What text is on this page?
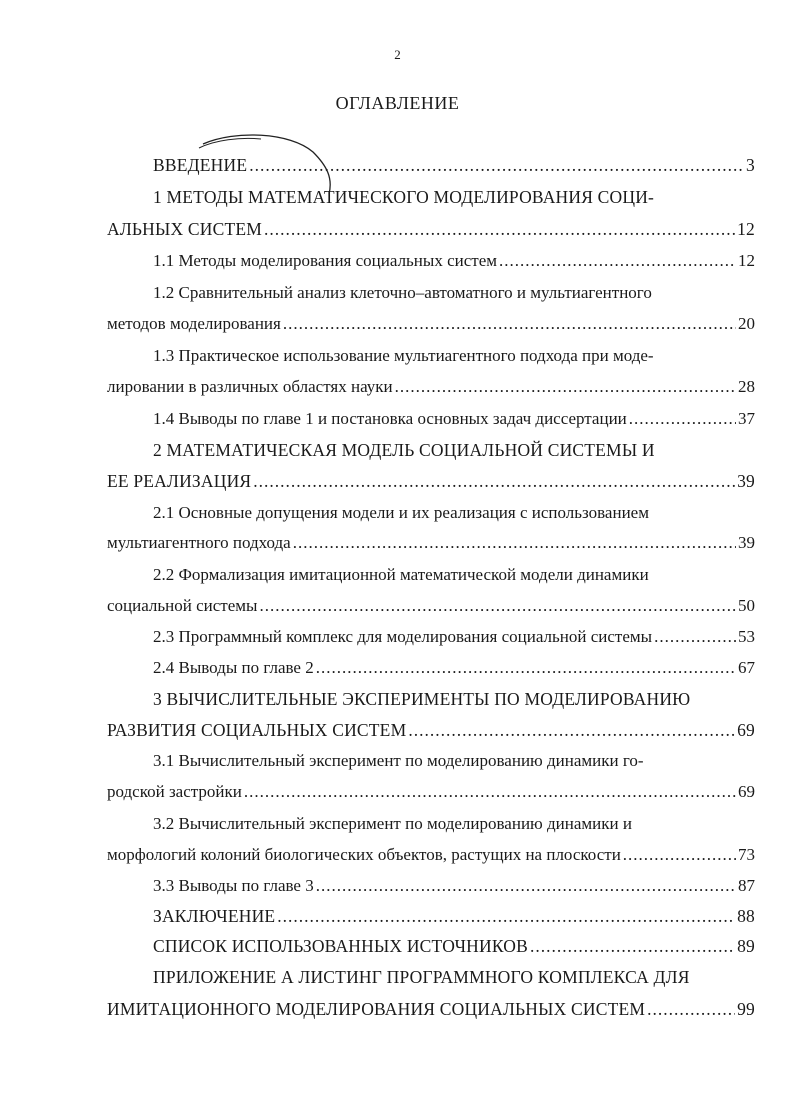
2
ОГЛАВЛЕНИЕ
ВВЕДЕНИЕ .....	3
1 МЕТОДЫ МАТЕМАТИЧЕСКОГО МОДЕЛИРОВАНИЯ СОЦИ-
АЛЬНЫХ СИСТЕМ .....	12
1.1 Методы моделирования социальных систем .....	12
1.2 Сравнительный анализ клеточно–автоматного и мультиагентного
методов моделирования .....	20
1.3 Практическое использование мультиагентного подхода при моде-
лировании в различных областях науки .....	28
1.4 Выводы по главе 1 и постановка основных задач диссертации .....	37
2 МАТЕМАТИЧЕСКАЯ МОДЕЛЬ СОЦИАЛЬНОЙ СИСТЕМЫ И
ЕЕ РЕАЛИЗАЦИЯ .....	39
2.1 Основные допущения модели и их реализация с использованием
мультиагентного подхода .....	39
2.2 Формализация имитационной математической модели динамики
социальной системы .....	50
2.3 Программный комплекс для моделирования социальной системы .....	53
2.4 Выводы по главе 2 .....	67
3 ВЫЧИСЛИТЕЛЬНЫЕ ЭКСПЕРИМЕНТЫ ПО МОДЕЛИРОВАНИЮ
РАЗВИТИЯ СОЦИАЛЬНЫХ СИСТЕМ .....	69
3.1 Вычислительный эксперимент по моделированию динамики го-
родской застройки .....	69
3.2 Вычислительный эксперимент по моделированию динамики и
морфологий колоний биологических объектов, растущих на плоскости .....	73
3.3 Выводы по главе 3 .....	87
ЗАКЛЮЧЕНИЕ .....	88
СПИСОК ИСПОЛЬЗОВАННЫХ ИСТОЧНИКОВ .....	89
ПРИЛОЖЕНИЕ А ЛИСТИНГ ПРОГРАММНОГО КОМПЛЕКСА ДЛЯ
ИМИТАЦИОННОГО МОДЕЛИРОВАНИЯ СОЦИАЛЬНЫХ СИСТЕМ .....	99
